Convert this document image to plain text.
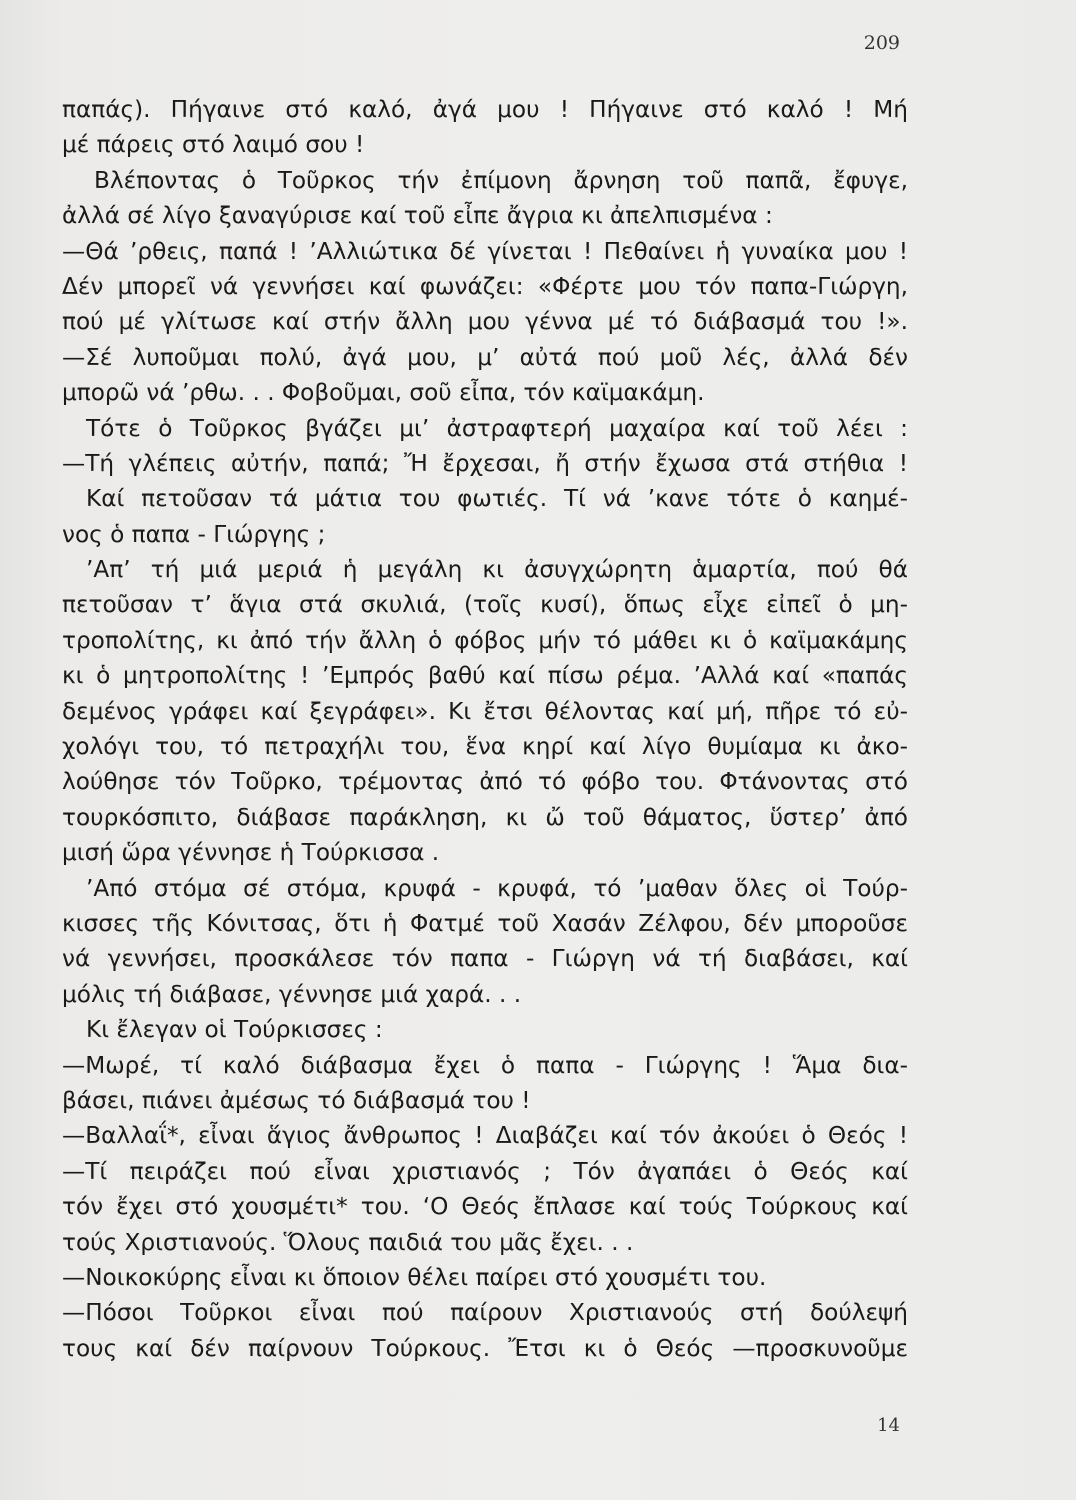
209
παπάς). Πήγαινε στό καλό, ἀγά μου ! Πήγαινε στό καλό ! Μή
μέ πάρεις στό λαιμό σου !
Βλέποντας ὁ Τοῦρκος τήν ἐπίμονη ἄρνηση τοῦ παπᾶ, ἔφυγε,
ἀλλά σέ λίγο ξαναγύρισε καί τοῦ εἶπε ἄγρια κι ἀπελπισμένα :
—Θά ’ρθεις, παπά ! ’Αλλιώτικα δέ γίνεται ! Πεθαίνει ἡ γυναίκα μου !
Δέν μπορεῖ νά γεννήσει καί φωνάζει: «Φέρτε μου τόν παπα-Γιώργη,
πού μέ γλίτωσε καί στήν ἄλλη μου γέννα μέ τό διάβασμά του !».
—Σέ λυποῦμαι πολύ, ἀγά μου, μ’ αὐτά πού μοῦ λές, ἀλλά δέν
μπορῶ νά ’ρθω. . . Φοβοῦμαι, σοῦ εἶπα, τόν καϊμακάμη.
Τότε ὁ Τοῦρκος βγάζει μι’ ἀστραφτερή μαχαίρα καί τοῦ λέει :
—Τή γλέπεις αὐτήν, παπά; Ἤ ἔρχεσαι, ἤ στήν ἔχωσα στά στήθια !
Καί πετοῦσαν τά μάτια του φωτιές. Τί νά ’κανε τότε ὁ καημέ-
νος ὁ παπα - Γιώργης ;
’Απ’ τή μιά μεριά ἡ μεγάλη κι ἀσυγχώρητη ἁμαρτία, πού θά
πετοῦσαν τ’ ἅγια στά σκυλιά, (τοῖς κυσί), ὅπως εἶχε εἰπεῖ ὁ μη-
τροπολίτης, κι ἀπό τήν ἄλλη ὁ φόβος μήν τό μάθει κι ὁ καϊμακάμης
κι ὁ μητροπολίτης ! ’Εμπρός βαθύ καί πίσω ρέμα. ’Αλλά καί «παπάς
δεμένος γράφει καί ξεγράφει». Κι ἔτσι θέλοντας καί μή, πῆρε τό εὐ-
χολόγι του, τό πετραχήλι του, ἕνα κηρί καί λίγο θυμίαμα κι ἀκο-
λούθησε τόν Τοῦρκο, τρέμοντας ἀπό τό φόβο του. Φτάνοντας στό
τουρκόσπιτο, διάβασε παράκληση, κι ὤ τοῦ θάματος, ὕστερ’ ἀπό
μισή ὥρα γέννησε ἡ Τούρκισσα .
’Από στόμα σέ στόμα, κρυφά - κρυφά, τό ’μαθαν ὅλες οἱ Τούρ-
κισσες τῆς Κόνιτσας, ὅτι ἡ Φατμέ τοῦ Χασάν Ζέλφου, δέν μποροῦσε
νά γεννήσει, προσκάλεσε τόν παπα - Γιώργη νά τή διαβάσει, καί
μόλις τή διάβασε, γέννησε μιά χαρά. . .
Κι ἔλεγαν οἱ Τούρκισσες :
—Μωρέ, τί καλό διάβασμα ἔχει ὁ παπα - Γιώργης ! Ἅμα δια-
βάσει, πιάνει ἀμέσως τό διάβασμά του !
—Βαλλαΐ*, εἶναι ἅγιος ἄνθρωπος ! Διαβάζει καί τόν ἀκούει ὁ Θεός !
—Τί πειράζει πού εἶναι χριστιανός ; Τόν ἀγαπάει ὁ Θεός καί
τόν ἔχει στό χουσμέτι* του. ‘Ο Θεός ἔπλασε καί τούς Τούρκους καί
τούς Χριστιανούς. Ὅλους παιδιά του μᾶς ἔχει. . .
—Νοικοκύρης εἶναι κι ὅποιον θέλει παίρει στό χουσμέτι του.
—Πόσοι Τοῦρκοι εἶναι πού παίρουν Χριστιανούς στή δούλεψή
τους καί δέν παίρνουν Τούρκους. Ἔτσι κι ὁ Θεός —προσκυνοῦμε
14
